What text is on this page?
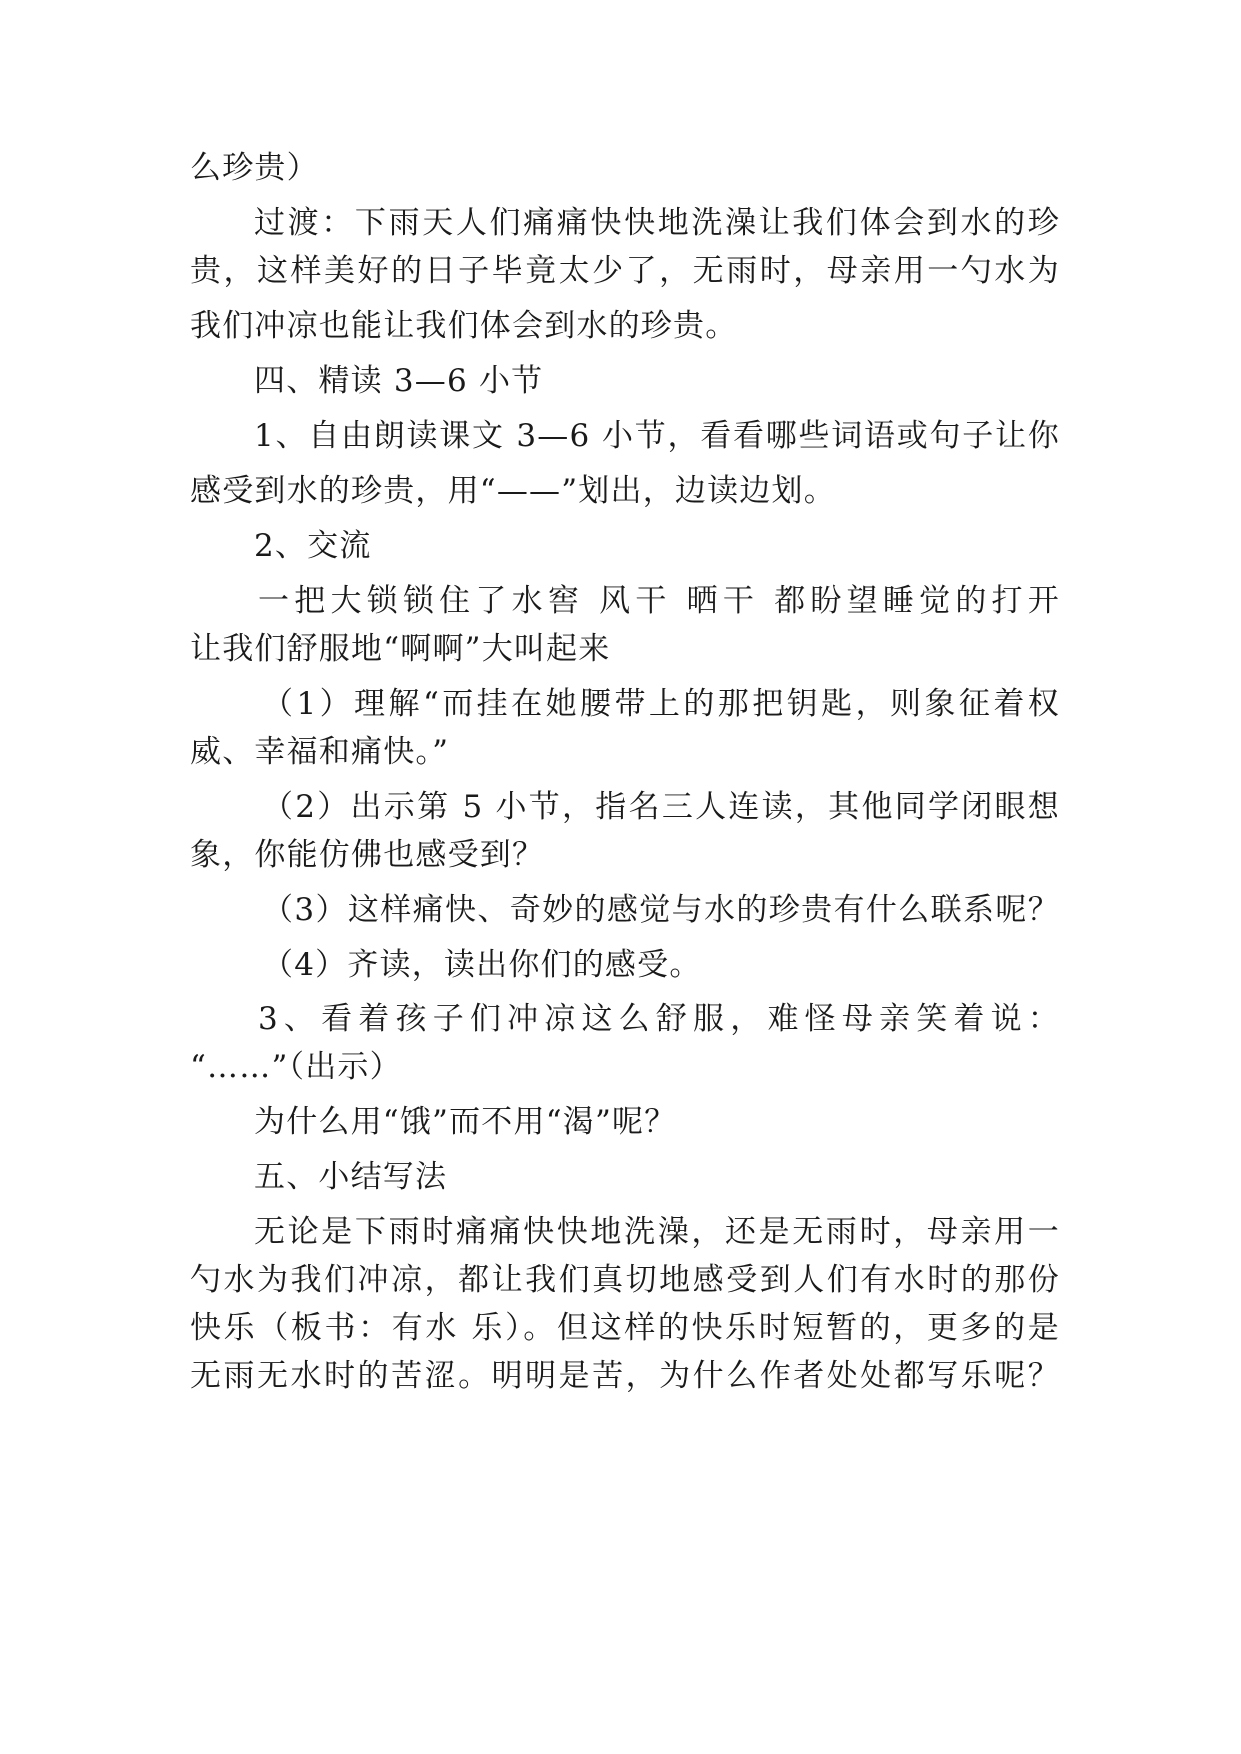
么珍贵）
过渡：下雨天人们痛痛快快地洗澡让我们体会到水的珍
贵，这样美好的日子毕竟太少了，无雨时，母亲用一勺水为
我们冲凉也能让我们体会到水的珍贵。
四、精读 3—6 小节
1、自由朗读课文 3—6 小节，看看哪些词语或句子让你
感受到水的珍贵，用“——”划出，边读边划。
2、交流
一把大锁锁住了水窖 风干 晒干 都盼望睡觉的打开
让我们舒服地“啊啊”大叫起来
（1）理解“而挂在她腰带上的那把钥匙，则象征着权
威、幸福和痛快。”
（2）出示第 5 小节，指名三人连读，其他同学闭眼想
象，你能仿佛也感受到？
（3）这样痛快、奇妙的感觉与水的珍贵有什么联系呢？
（4）齐读，读出你们的感受。
3、看着孩子们冲凉这么舒服，难怪母亲笑着说：
“……”（出示）
为什么用“饿”而不用“渴”呢？
五、小结写法
无论是下雨时痛痛快快地洗澡，还是无雨时，母亲用一
勺水为我们冲凉，都让我们真切地感受到人们有水时的那份
快乐（板书：有水 乐）。但这样的快乐时短暂的，更多的是
无雨无水时的苦涩。明明是苦，为什么作者处处都写乐呢？
